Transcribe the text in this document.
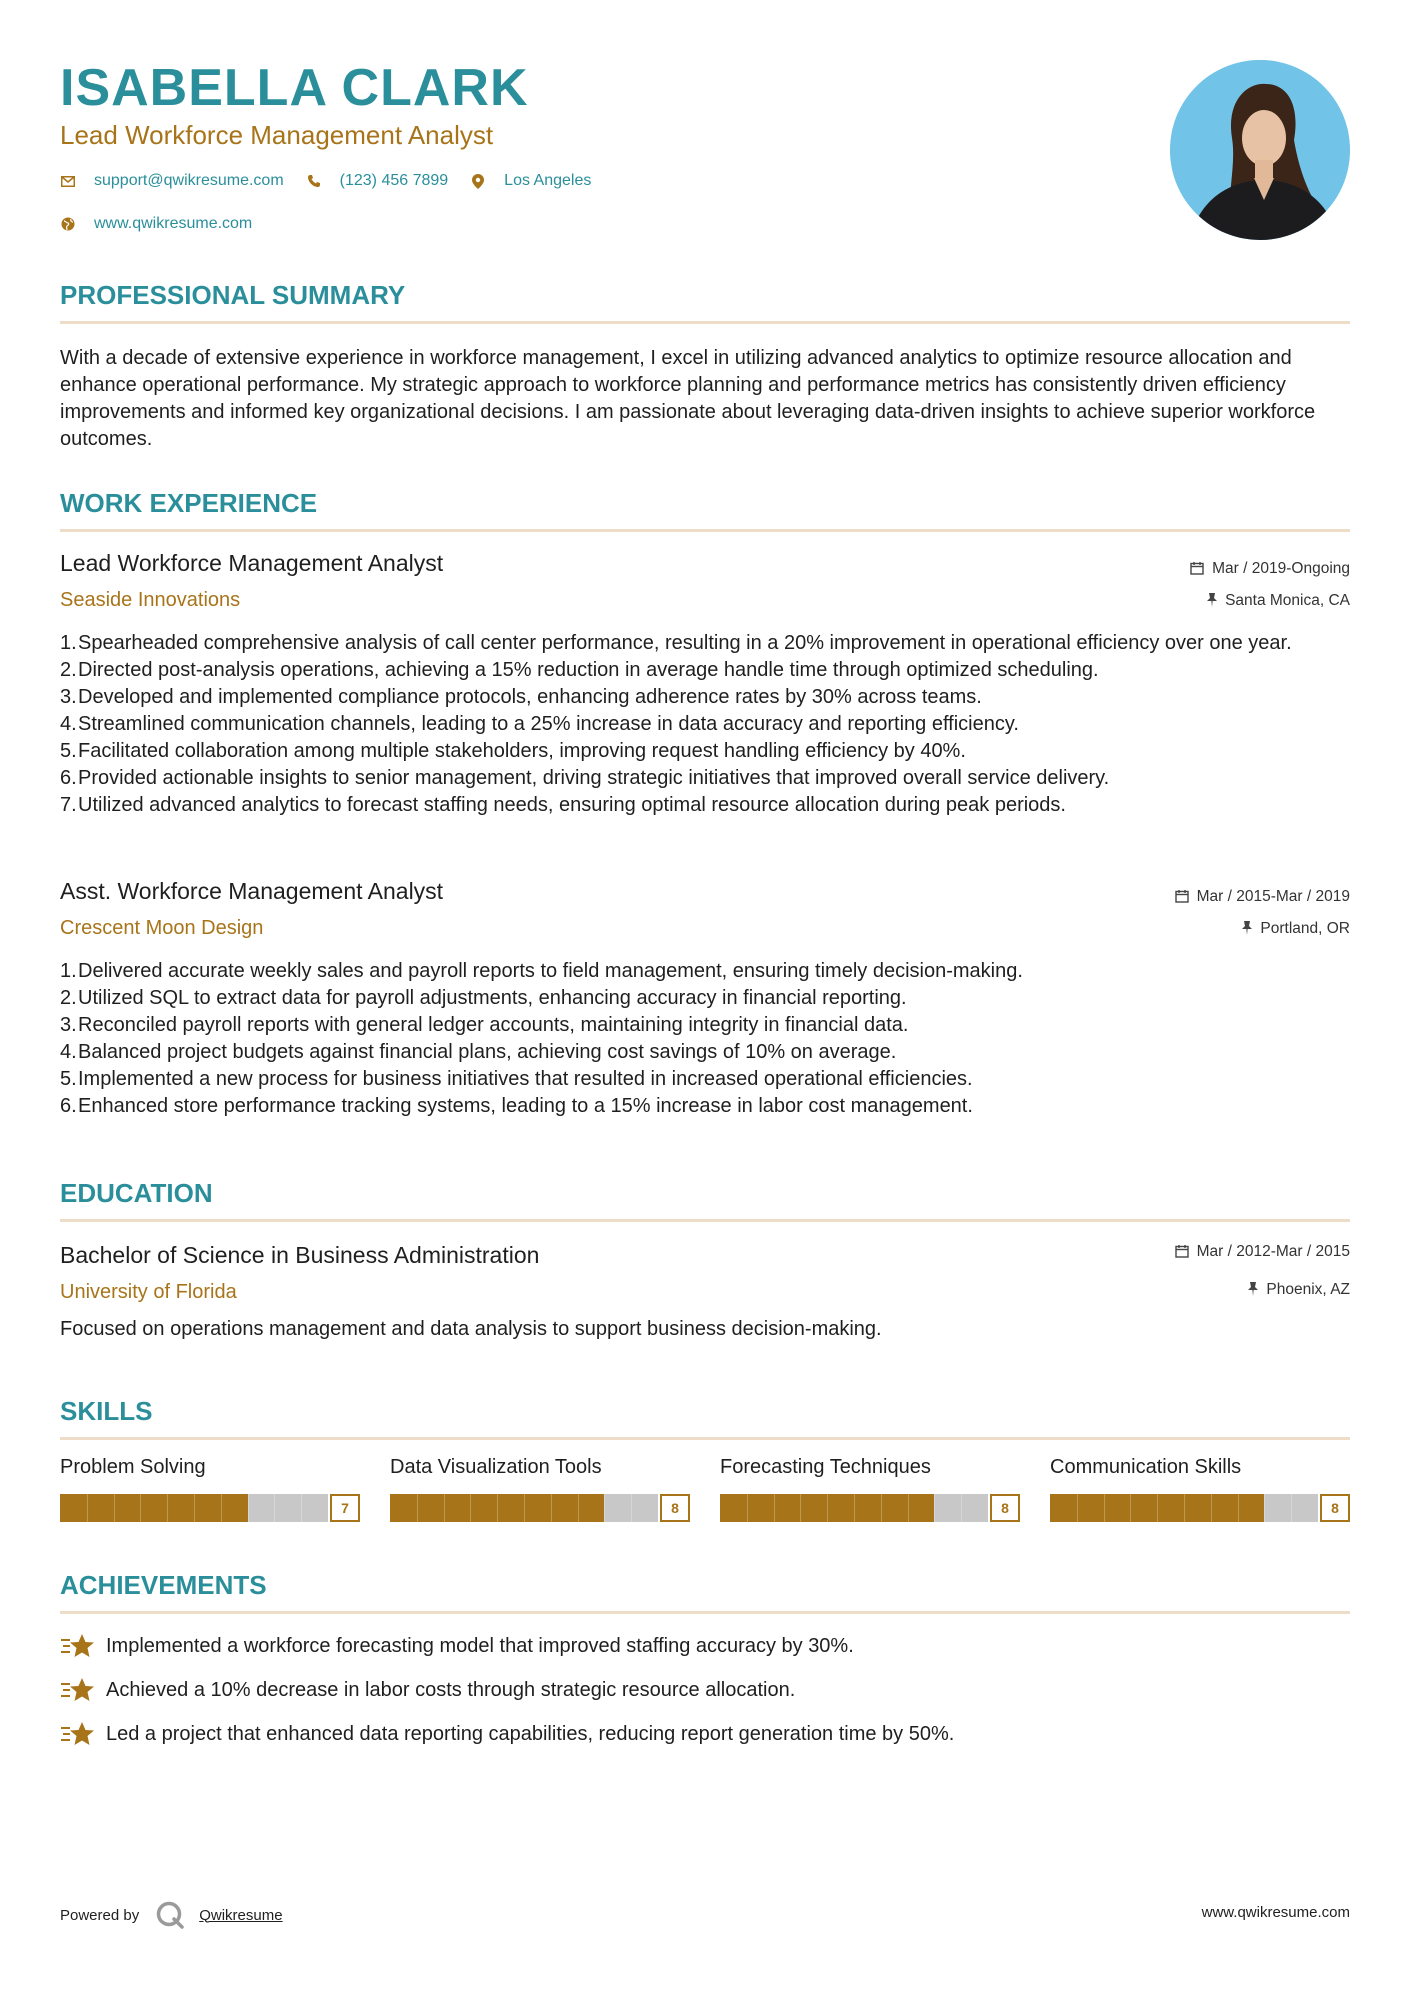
ISABELLA CLARK
Lead Workforce Management Analyst
support@qwikresume.com	(123) 456 7899	Los Angeles
www.qwikresume.com
PROFESSIONAL SUMMARY
With a decade of extensive experience in workforce management, I excel in utilizing advanced analytics to optimize resource allocation and enhance operational performance. My strategic approach to workforce planning and performance metrics has consistently driven efficiency improvements and informed key organizational decisions. I am passionate about leveraging data-driven insights to achieve superior workforce outcomes.
WORK EXPERIENCE
Lead Workforce Management Analyst	Mar / 2019-Ongoing
Seaside Innovations	Santa Monica, CA
1. Spearheaded comprehensive analysis of call center performance, resulting in a 20% improvement in operational efficiency over one year.
2. Directed post-analysis operations, achieving a 15% reduction in average handle time through optimized scheduling.
3. Developed and implemented compliance protocols, enhancing adherence rates by 30% across teams.
4. Streamlined communication channels, leading to a 25% increase in data accuracy and reporting efficiency.
5. Facilitated collaboration among multiple stakeholders, improving request handling efficiency by 40%.
6. Provided actionable insights to senior management, driving strategic initiatives that improved overall service delivery.
7. Utilized advanced analytics to forecast staffing needs, ensuring optimal resource allocation during peak periods.
Asst. Workforce Management Analyst	Mar / 2015-Mar / 2019
Crescent Moon Design	Portland, OR
1. Delivered accurate weekly sales and payroll reports to field management, ensuring timely decision-making.
2. Utilized SQL to extract data for payroll adjustments, enhancing accuracy in financial reporting.
3. Reconciled payroll reports with general ledger accounts, maintaining integrity in financial data.
4. Balanced project budgets against financial plans, achieving cost savings of 10% on average.
5. Implemented a new process for business initiatives that resulted in increased operational efficiencies.
6. Enhanced store performance tracking systems, leading to a 15% increase in labor cost management.
EDUCATION
Bachelor of Science in Business Administration	Mar / 2012-Mar / 2015
University of Florida	Phoenix, AZ
Focused on operations management and data analysis to support business decision-making.
SKILLS
Problem Solving
7
Data Visualization Tools
8
Forecasting Techniques
8
Communication Skills
8
ACHIEVEMENTS
Implemented a workforce forecasting model that improved staffing accuracy by 30%.
Achieved a 10% decrease in labor costs through strategic resource allocation.
Led a project that enhanced data reporting capabilities, reducing report generation time by 50%.
Powered by	Qwikresume	www.qwikresume.com
